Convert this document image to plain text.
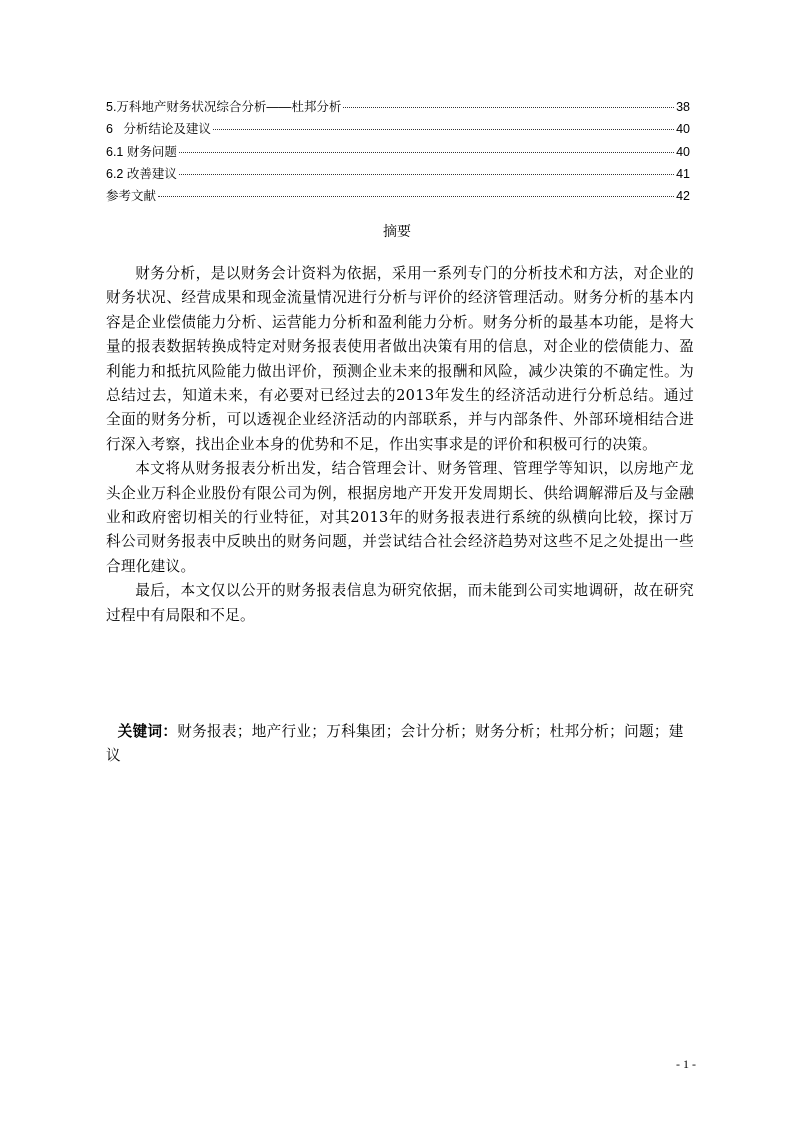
5.万科地产财务状况综合分析——杜邦分析	38
6   分析结论及建议	40
6.1 财务问题	40
6.2 改善建议	41
参考文献	42
摘要

财务分析，是以财务会计资料为依据，采用一系列专门的分析技术和方法，对企业的财务状况、经营成果和现金流量情况进行分析与评价的经济管理活动。财务分析的基本内容是企业偿债能力分析、运营能力分析和盈利能力分析。财务分析的最基本功能，是将大量的报表数据转换成特定对财务报表使用者做出决策有用的信息，对企业的偿债能力、盈利能力和抵抗风险能力做出评价，预测企业未来的报酬和风险，减少决策的不确定性。为总结过去，知道未来，有必要对已经过去的2013年发生的经济活动进行分析总结。通过全面的财务分析，可以透视企业经济活动的内部联系，并与内部条件、外部环境相结合进行深入考察，找出企业本身的优势和不足，作出实事求是的评价和积极可行的决策。

本文将从财务报表分析出发，结合管理会计、财务管理、管理学等知识，以房地产龙头企业万科企业股份有限公司为例，根据房地产开发开发周期长、供给调解滞后及与金融业和政府密切相关的行业特征，对其2013年的财务报表进行系统的纵横向比较，探讨万科公司财务报表中反映出的财务问题，并尝试结合社会经济趋势对这些不足之处提出一些合理化建议。

最后，本文仅以公开的财务报表信息为研究依据，而未能到公司实地调研，故在研究过程中有局限和不足。

关键词：财务报表；地产行业；万科集团；会计分析；财务分析；杜邦分析；问题；建议
- 1 -
